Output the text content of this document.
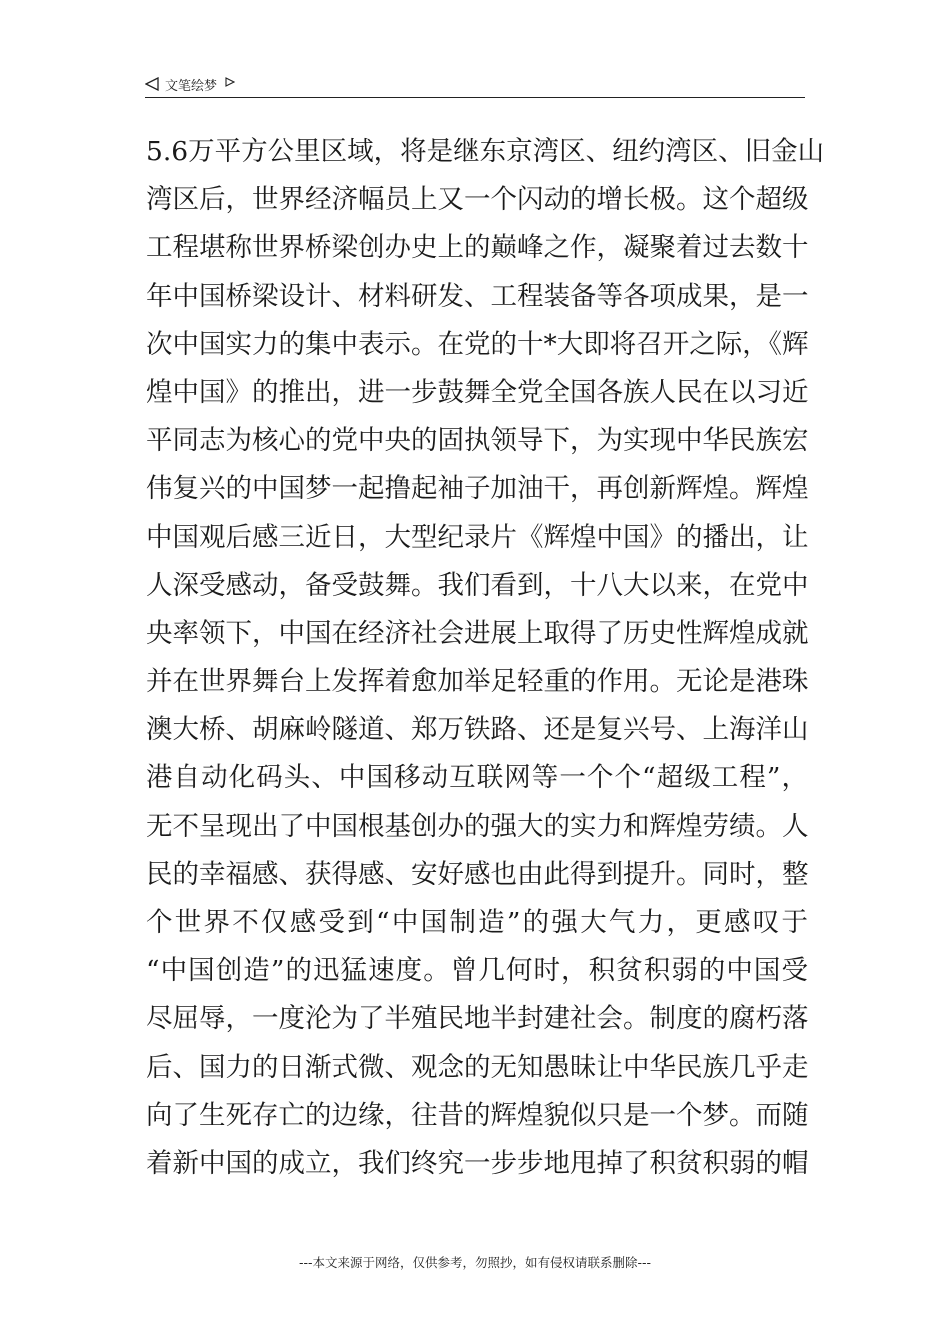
文笔绘梦
5.6万平方公里区域，将是继东京湾区、纽约湾区、旧金山
湾区后，世界经济幅员上又一个闪动的增长极。这个超级
工程堪称世界桥梁创办史上的巅峰之作，凝聚着过去数十
年中国桥梁设计、材料研发、工程装备等各项成果，是一
次中国实力的集中表示。在党的十*大即将召开之际，《辉
煌中国》的推出，进一步鼓舞全党全国各族人民在以习近
平同志为核心的党中央的固执领导下，为实现中华民族宏
伟复兴的中国梦一起撸起袖子加油干，再创新辉煌。辉煌
中国观后感三近日，大型纪录片《辉煌中国》的播出，让
人深受感动，备受鼓舞。我们看到，十八大以来，在党中
央率领下，中国在经济社会进展上取得了历史性辉煌成就
并在世界舞台上发挥着愈加举足轻重的作用。无论是港珠
澳大桥、胡麻岭隧道、郑万铁路、还是复兴号、上海洋山
港自动化码头、中国移动互联网等一个个“超级工程”，
无不呈现出了中国根基创办的强大的实力和辉煌劳绩。人
民的幸福感、获得感、安好感也由此得到提升。同时，整
个世界不仅感受到“中国制造”的强大气力，更感叹于
“中国创造”的迅猛速度。曾几何时，积贫积弱的中国受
尽屈辱，一度沦为了半殖民地半封建社会。制度的腐朽落
后、国力的日渐式微、观念的无知愚昧让中华民族几乎走
向了生死存亡的边缘，往昔的辉煌貌似只是一个梦。而随
着新中国的成立，我们终究一步步地甩掉了积贫积弱的帽
---本文来源于网络，仅供参考，勿照抄，如有侵权请联系删除---
